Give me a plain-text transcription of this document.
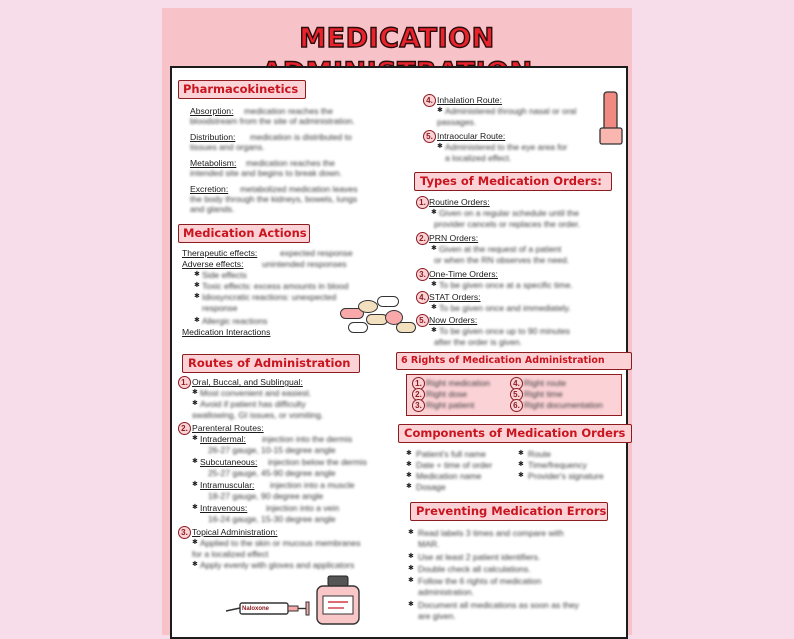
MEDICATION
Pharmacokinetics
Absorption: medication reaches the
bloodstream from the site of administration.
Distribution: medication is distributed to
tissues and organs.
Metabolism: medication reaches the
intended site and begins to break down.
Excretion: metabolized medication leaves
the body through the kidneys, bowels, lungs
and glands.
Medication Actions
Therapeutic effects:	expected response
Adverse effects: unintended responses
✱ Side effects
✱ Toxic effects: excess amounts in blood
✱ Idiosyncratic reactions: unexpected
response
✱ Allergic reactions
Medication Interactions
Routes of Administration
1. Oral, Buccal, and Sublingual:
✱ Most convenient and easiest.
✱ Avoid if patient has difficulty
swallowing, GI issues, or vomiting.
2. Parenteral Routes:
✱ Intradermal: injection into the dermis
26-27 gauge, 10-15 degree angle
✱ Subcutaneous: injection below the dermis
25-27 gauge, 45-90 degree angle
✱ Intramuscular: injection into a muscle
18-27 gauge, 90 degree angle
✱ Intravenous: injection into a vein
16-24 gauge, 15-30 degree angle
3. Topical Administration:
✱ Applied to the skin or mucous membranes
for a localized effect
✱ Apply evenly with gloves and applicators
Naloxone
4. Inhalation Route:
✱ Administered through nasal or oral
passages.
5. Intraocular Route:
✱ Administered to the eye area for
a localized effect.
Types of Medication Orders:
1. Routine Orders:
✱ Given on a regular schedule until the
provider cancels or replaces the order.
2. PRN Orders:
✱ Given at the request of a patient
or when the RN observes the need.
3. One-Time Orders:
✱ To be given once at a specific time.
4. STAT Orders:
✱ To be given once and immediately.
5. Now Orders:
✱ To be given once up to 90 minutes
after the order is given.
6 Rights of Medication Administration
1. Right medication
2. Right dose
3. Right patient
4. Right route
5. Right time
6. Right documentation
Components of Medication Orders
✱ Patient's full name
✱ Date + time of order
✱ Medication name
✱ Dosage
✱ Route
✱ Time/frequency
✱ Provider's signature
Preventing Medication Errors
✱ Read labels 3 times and compare with
MAR.
✱ Use at least 2 patient identifiers.
✱ Double check all calculations.
✱ Follow the 6 rights of medication
administration.
✱ Document all medications as soon as they
are given.
